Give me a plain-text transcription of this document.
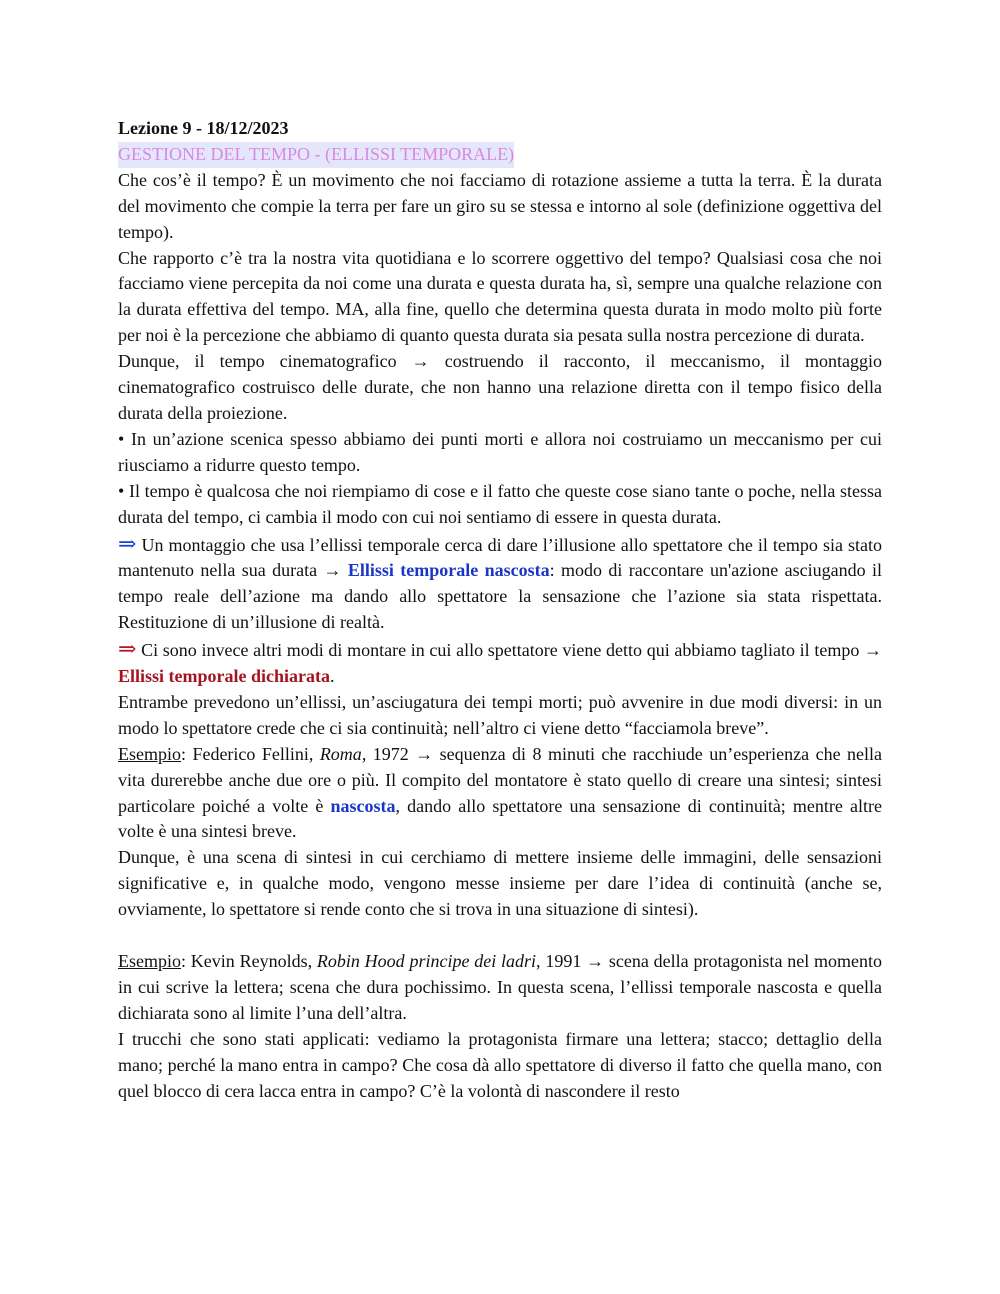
Lezione 9 - 18/12/2023
GESTIONE DEL TEMPO - (ELLISSI TEMPORALE)

Che cos’è il tempo? È un movimento che noi facciamo di rotazione assieme a tutta la terra. È la durata del movimento che compie la terra per fare un giro su se stessa e intorno al sole (definizione oggettiva del tempo).

Che rapporto c’è tra la nostra vita quotidiana e lo scorrere oggettivo del tempo? Qualsiasi cosa che noi facciamo viene percepita da noi come una durata e questa durata ha, sì, sempre una qualche relazione con la durata effettiva del tempo. MA, alla fine, quello che determina questa durata in modo molto più forte per noi è la percezione che abbiamo di quanto questa durata sia pesata sulla nostra percezione di durata.

Dunque, il tempo cinematografico → costruendo il racconto, il meccanismo, il montaggio cinematografico costruisco delle durate, che non hanno una relazione diretta con il tempo fisico della durata della proiezione.

• In un’azione scenica spesso abbiamo dei punti morti e allora noi costruiamo un meccanismo per cui riusciamo a ridurre questo tempo.

• Il tempo è qualcosa che noi riempiamo di cose e il fatto che queste cose siano tante o poche, nella stessa durata del tempo, ci cambia il modo con cui noi sentiamo di essere in questa durata.

⇒ Un montaggio che usa l’ellissi temporale cerca di dare l’illusione allo spettatore che il tempo sia stato mantenuto nella sua durata → Ellissi temporale nascosta: modo di raccontare un'azione asciugando il tempo reale dell’azione ma dando allo spettatore la sensazione che l’azione sia stata rispettata. Restituzione di un’illusione di realtà.

⇒ Ci sono invece altri modi di montare in cui allo spettatore viene detto qui abbiamo tagliato il tempo → Ellissi temporale dichiarata.

Entrambe prevedono un’ellissi, un’asciugatura dei tempi morti; può avvenire in due modi diversi: in un modo lo spettatore crede che ci sia continuità; nell’altro ci viene detto “facciamola breve”.

Esempio: Federico Fellini, Roma, 1972 → sequenza di 8 minuti che racchiude un’esperienza che nella vita durerebbe anche due ore o più. Il compito del montatore è stato quello di creare una sintesi; sintesi particolare poiché a volte è nascosta, dando allo spettatore una sensazione di continuità; mentre altre volte è una sintesi breve.

Dunque, è una scena di sintesi in cui cerchiamo di mettere insieme delle immagini, delle sensazioni significative e, in qualche modo, vengono messe insieme per dare l’idea di continuità (anche se, ovviamente, lo spettatore si rende conto che si trova in una situazione di sintesi).

Esempio: Kevin Reynolds, Robin Hood principe dei ladri, 1991 → scena della protagonista nel momento in cui scrive la lettera; scena che dura pochissimo. In questa scena, l’ellissi temporale nascosta e quella dichiarata sono al limite l’una dell’altra.

I trucchi che sono stati applicati: vediamo la protagonista firmare una lettera; stacco; dettaglio della mano; perché la mano entra in campo? Che cosa dà allo spettatore di diverso il fatto che quella mano, con quel blocco di cera lacca entra in campo? C’è la volontà di nascondere il resto
